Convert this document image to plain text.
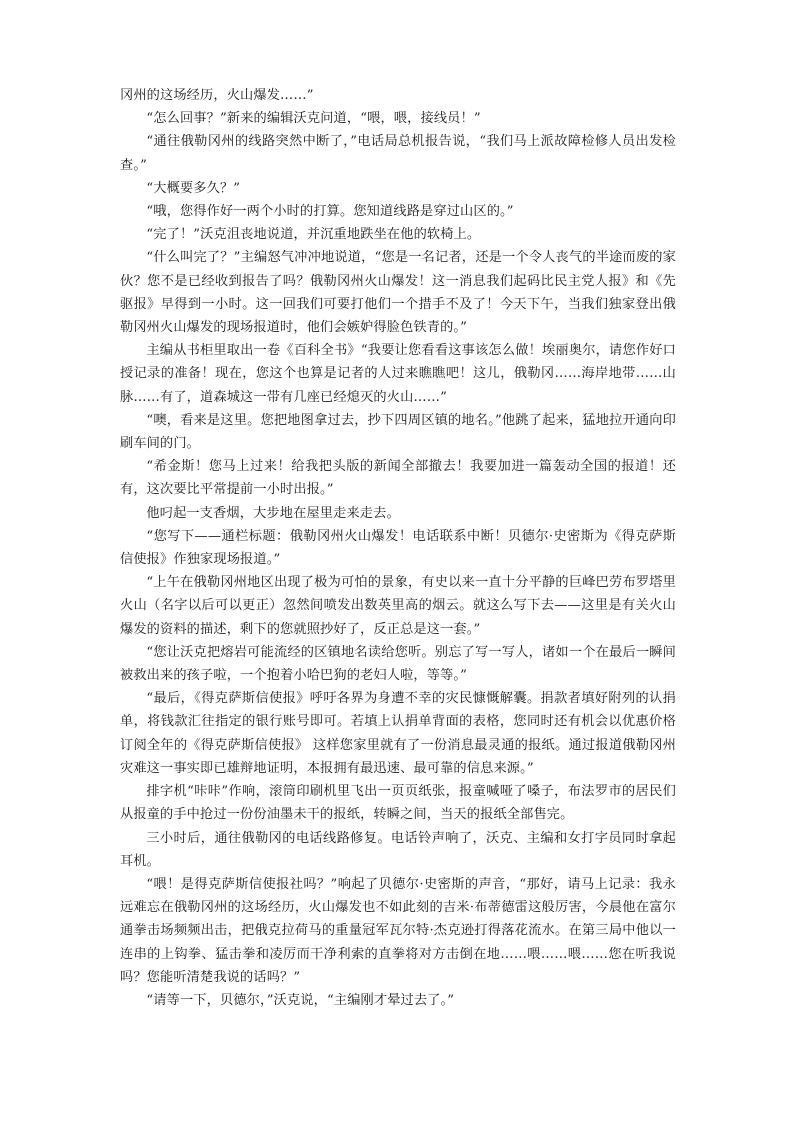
冈州的这场经历，火山爆发……”

“怎么回事？”新来的编辑沃克问道，“喂，喂，接线员！”

“通往俄勒冈州的线路突然中断了，”电话局总机报告说，“我们马上派故障检修人员出发检查。”

“大概要多久？”

“哦，您得作好一两个小时的打算。您知道线路是穿过山区的。”

“完了！”沃克沮丧地说道，并沉重地跌坐在他的软椅上。

“什么叫完了？”主编怒气冲冲地说道，“您是一名记者，还是一个令人丧气的半途而废的家伙？您不是已经收到报告了吗？俄勒冈州火山爆发！这一消息我们起码比民主党人报》和《先驱报》早得到一小时。这一回我们可要打他们一个措手不及了！今天下午，当我们独家登出俄勒冈州火山爆发的现场报道时，他们会嫉妒得脸色铁青的。”

主编从书柜里取出一卷《百科全书》“我要让您看看这事该怎么做！埃丽奥尔，请您作好口授记录的准备！现在，您这个也算是记者的人过来瞧瞧吧！这儿，俄勒冈……海岸地带……山脉……有了，道森城这一带有几座已经熄灭的火山……”

“噢，看来是这里。您把地图拿过去，抄下四周区镇的地名。”他跳了起来，猛地拉开通向印刷车间的门。

“希金斯！您马上过来！给我把头版的新闻全部撤去！我要加进一篇轰动全国的报道！还有，这次要比平常提前一小时出报。”

他叼起一支香烟，大步地在屋里走来走去。

“您写下——通栏标题：俄勒冈州火山爆发！电话联系中断！贝德尔·史密斯为《得克萨斯信使报》作独家现场报道。”

“上午在俄勒冈州地区出现了极为可怕的景象，有史以来一直十分平静的巨峰巴劳布罗塔里火山（名字以后可以更正）忽然间喷发出数英里高的烟云。就这么写下去——这里是有关火山爆发的资料的描述，剩下的您就照抄好了，反正总是这一套。”

“您让沃克把熔岩可能流经的区镇地名读给您听。别忘了写一写人，诸如一个在最后一瞬间被救出来的孩子啦，一个抱着小哈巴狗的老妇人啦，等等。”

“最后，《得克萨斯信使报》呼吁各界为身遭不幸的灾民慷慨解囊。捐款者填好附列的认捐单，将钱款汇往指定的银行账号即可。若填上认捐单背面的表格，您同时还有机会以优惠价格订阅全年的《得克萨斯信使报》 这样您家里就有了一份消息最灵通的报纸。通过报道俄勒冈州灾难这一事实即已雄辩地证明，本报拥有最迅速、最可靠的信息来源。”

排字机“咔咔”作响，滚筒印刷机里飞出一页页纸张，报童喊哑了嗓子，布法罗市的居民们从报童的手中抢过一份份油墨未干的报纸，转瞬之间，当天的报纸全部售完。

三小时后，通往俄勒冈的电话线路修复。电话铃声响了，沃克、主编和女打字员同时拿起耳机。

“喂！是得克萨斯信使报社吗？”响起了贝德尔·史密斯的声音，“那好，请马上记录：我永远难忘在俄勒冈州的这场经历，火山爆发也不如此刻的吉米·布蒂德雷这般厉害，今晨他在富尔通拳击场频频出击，把俄克拉荷马的重量冠军瓦尔特·杰克逊打得落花流水。在第三局中他以一连串的上钩拳、猛击拳和凌厉而干净利索的直拳将对方击倒在地……喂……喂……您在听我说吗？您能听清楚我说的话吗？”

“请等一下，贝德尔，”沃克说，“主编刚才晕过去了。”
